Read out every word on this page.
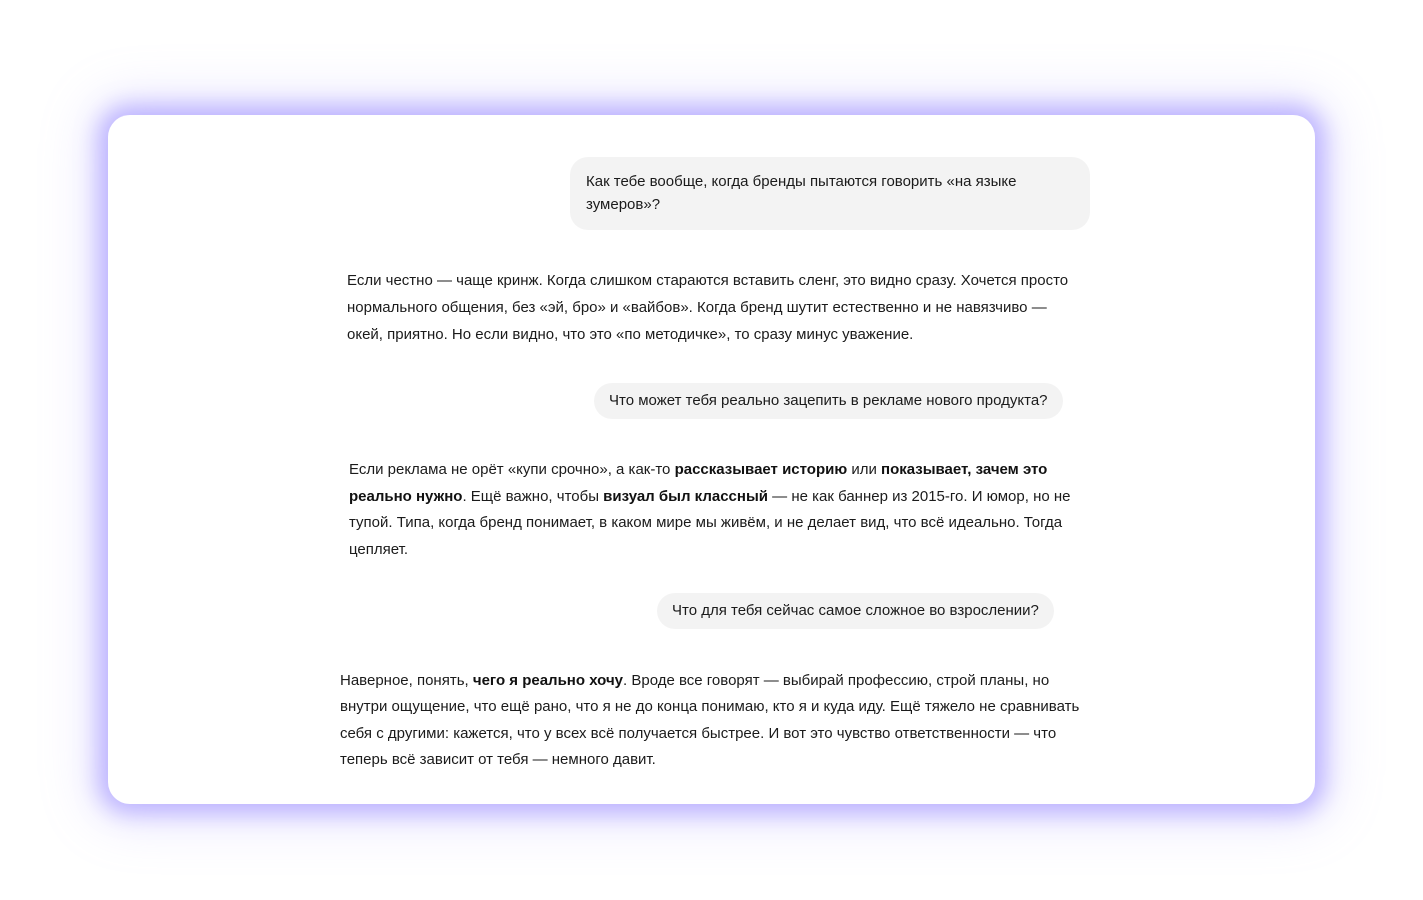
Как тебе вообще, когда бренды пытаются говорить «на языке зумеров»?

Если честно — чаще кринж. Когда слишком стараются вставить сленг, это видно сразу. Хочется просто нормального общения, без «эй, бро» и «вайбов». Когда бренд шутит естественно и не навязчиво — окей, приятно. Но если видно, что это «по методичке», то сразу минус уважение.

Что может тебя реально зацепить в рекламе нового продукта?

Если реклама не орёт «купи срочно», а как-то рассказывает историю или показывает, зачем это реально нужно. Ещё важно, чтобы визуал был классный — не как баннер из 2015-го. И юмор, но не тупой. Типа, когда бренд понимает, в каком мире мы живём, и не делает вид, что всё идеально. Тогда цепляет.

Что для тебя сейчас самое сложное во взрослении?

Наверное, понять, чего я реально хочу. Вроде все говорят — выбирай профессию, строй планы, но внутри ощущение, что ещё рано, что я не до конца понимаю, кто я и куда иду. Ещё тяжело не сравнивать себя с другими: кажется, что у всех всё получается быстрее. И вот это чувство ответственности — что теперь всё зависит от тебя — немного давит.
